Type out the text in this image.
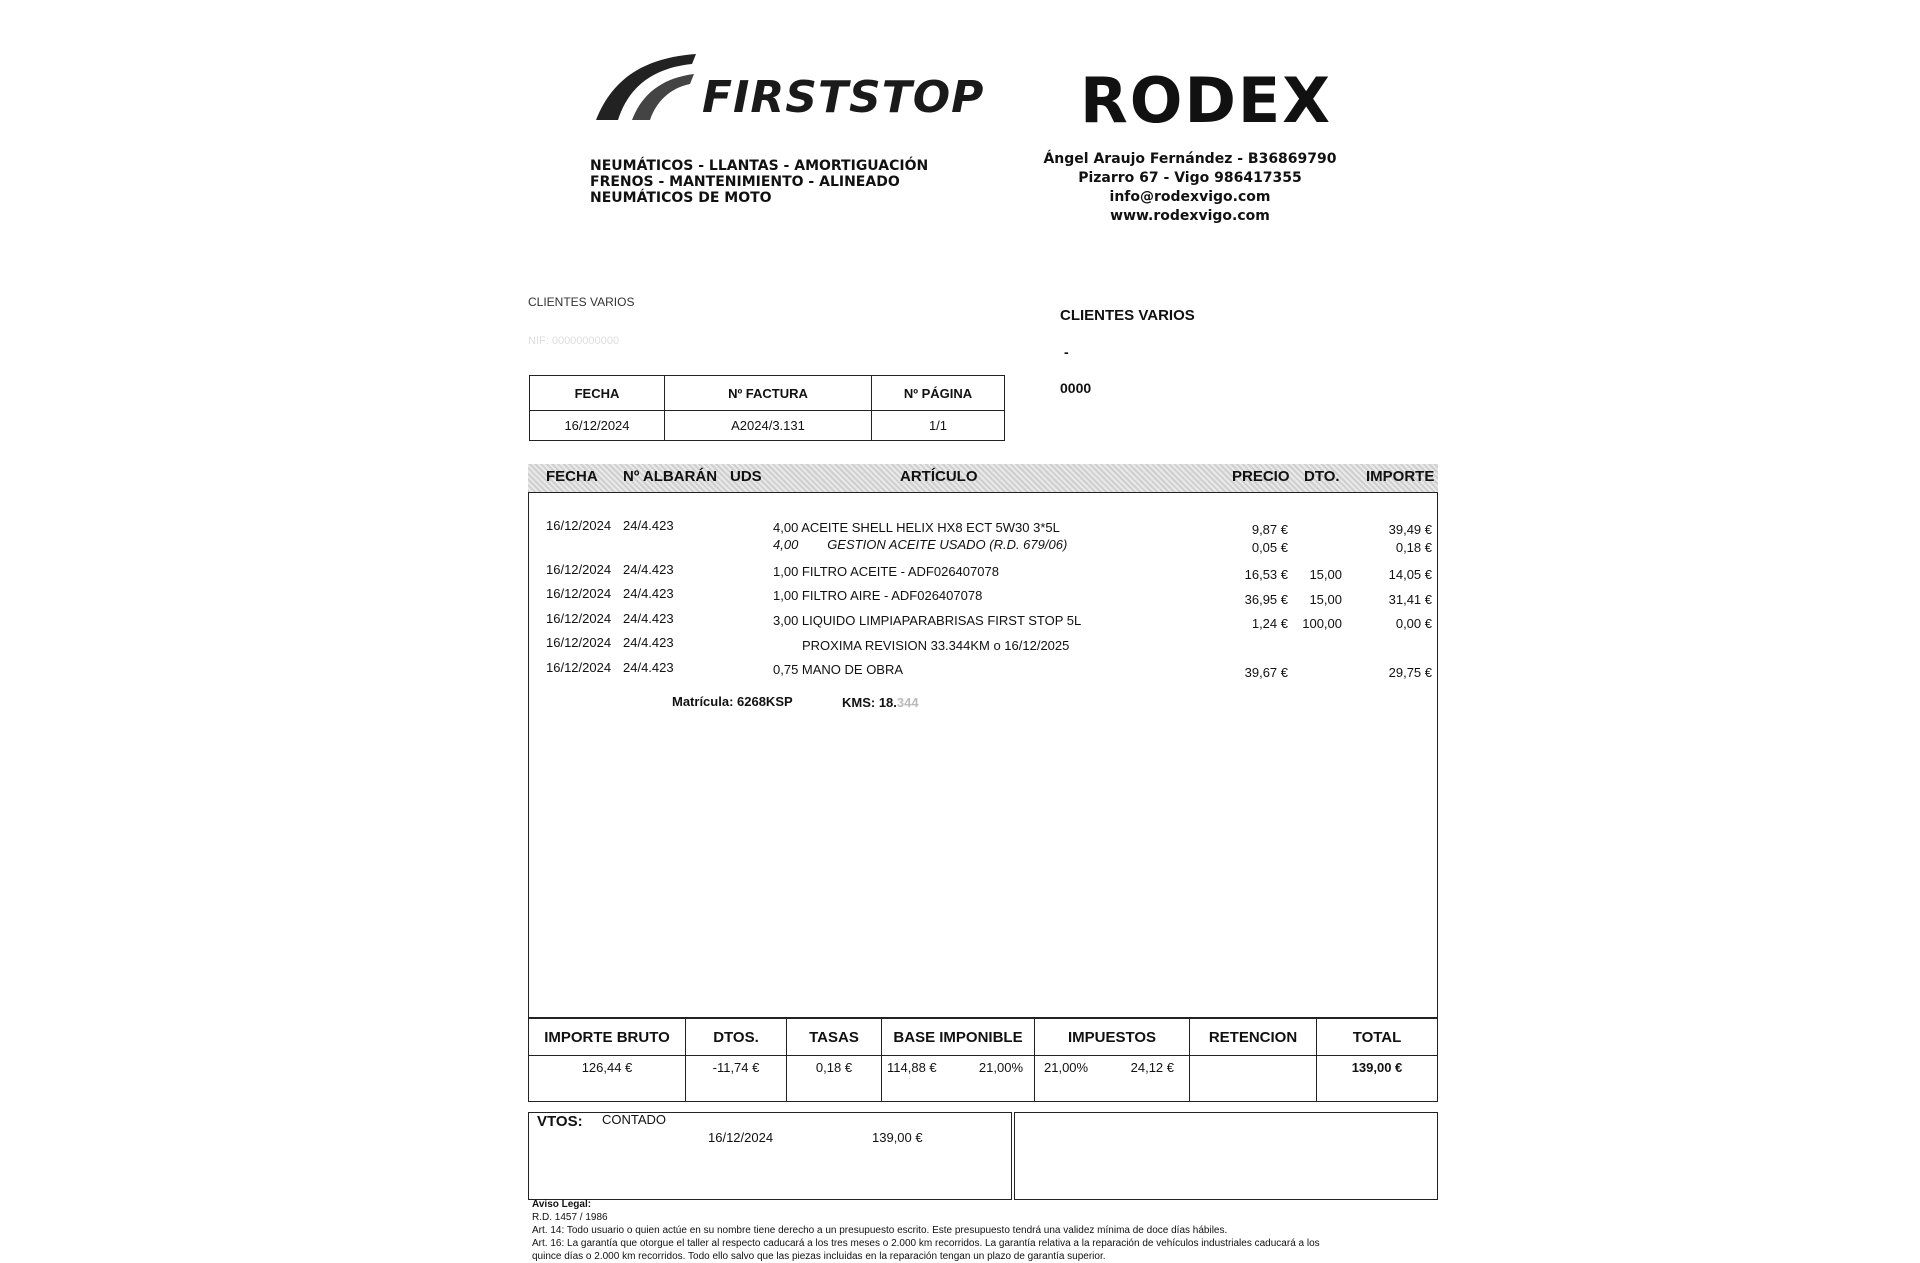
FIRSTSTOP RODEX
NEUMÁTICOS - LLANTAS - AMORTIGUACIÓN
FRENOS - MANTENIMIENTO - ALINEADO
NEUMÁTICOS DE MOTO
Ángel Araujo Fernández - B36869790
Pizarro 67 - Vigo 986417355
info@rodexvigo.com www.rodexvigo.com
CLIENTES VARIOS
NIF: 00000000000
CLIENTES VARIOS
-
0000
FECHA	Nº FACTURA	Nº PÁGINA
16/12/2024	A2024/3.131	1/1
FECHA Nº ALBARÁN UDS	ARTÍCULO	PRECIO DTO. IMPORTE
16/12/2024 24/4.423	4,00 ACEITE SHELL HELIX HX8 ECT 5W30 3*5L	9,87 €	39,49 €
4,00        GESTION ACEITE USADO (R.D. 679/06)	0,05 €	0,18 €
16/12/2024 24/4.423	1,00 FILTRO ACEITE - ADF026407078	16,53 €	15,00	14,05 €
16/12/2024 24/4.423	1,00 FILTRO AIRE - ADF026407078	36,95 €	15,00	31,41 €
16/12/2024 24/4.423	3,00 LIQUIDO LIMPIAPARABRISAS FIRST STOP 5L	1,24 € 100,00	0,00 €
16/12/2024 24/4.423	PROXIMA REVISION 33.344KM o 16/12/2025
16/12/2024 24/4.423	0,75 MANO DE OBRA	39,67 €	29,75 €
Matrícula: 6268KSP	KMS: 18.344
IMPORTE BRUTO	DTOS.	TASAS	BASE IMPONIBLE	IMPUESTOS	RETENCION	TOTAL
126,44 €	-11,74 €	0,18 €	114,88 € 21,00%	21,00% 24,12 €		139,00 €
VTOS: CONTADO
16/12/2024	139,00 €
Aviso Legal:
R.D. 1457 / 1986
Art. 14: Todo usuario o quien actúe en su nombre tiene derecho a un presupuesto escrito. Este presupuesto tendrá una validez mínima de doce días hábiles.
Art. 16: La garantía que otorgue el taller al respecto caducará a los tres meses o 2.000 km recorridos. La garantía relativa a la reparación de vehículos industriales caducará a los
quince días o 2.000 km recorridos. Todo ello salvo que las piezas incluidas en la reparación tengan un plazo de garantía superior.
